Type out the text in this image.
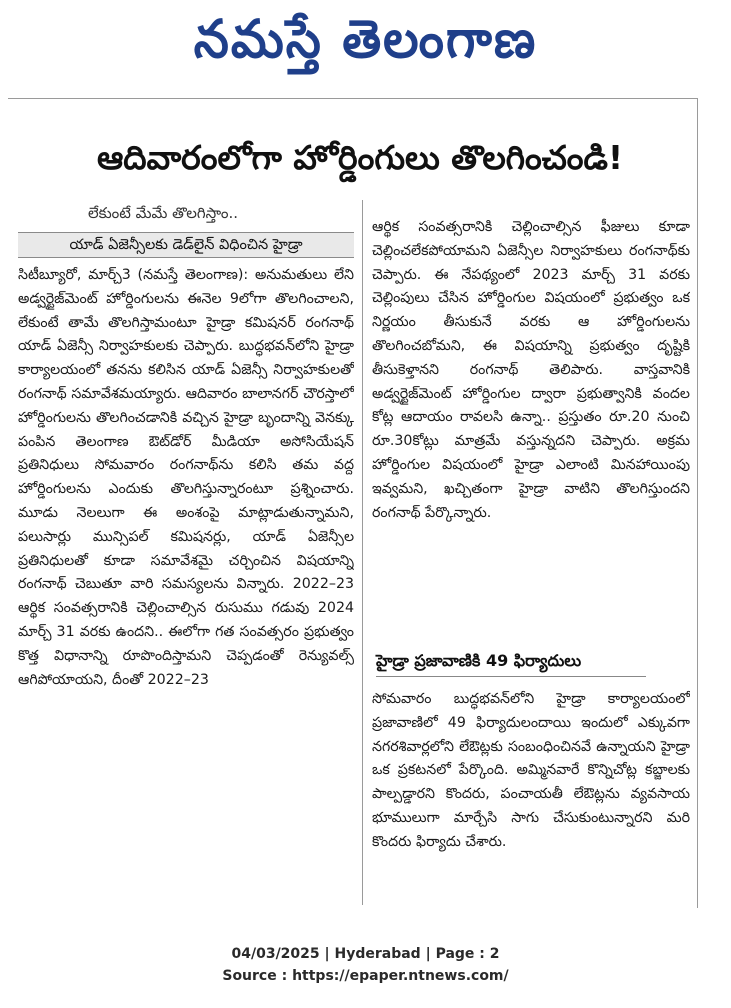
నమస్తే తెలంగాణ
ఆదివారంలోగా హోర్డింగులు తొలగించండి!
లేకుంటే మేమే తొలగిస్తాం..
యాడ్ ఏజెన్సీలకు డెడ్‌లైన్ విధించిన హైడ్రా

సిటీబ్యూరో, మార్చ్3 (నమస్తే తెలంగాణ): అనుమతులు లేని అడ్వర్టైజ్‌మెంట్ హోర్డింగులను ఈనెల 9లోగా తొలగించాలని, లేకుంటే తామే తొలగిస్తామంటూ హైడ్రా కమిషనర్ రంగనాథ్ యాడ్ ఏజెన్సీ నిర్వాహకులకు చెప్పారు. బుద్ధభవన్‌లోని హైడ్రా కార్యాలయంలో తనను కలిసిన యాడ్ ఏజెన్సీ నిర్వాహకులతో రంగనాథ్ సమావేశమయ్యారు. ఆదివారం బాలానగర్ చౌరస్తాలో హోర్డింగులను తొలగించడానికి వచ్చిన హైడ్రా బృందాన్ని వెనక్కు పంపిన తెలంగాణ ఔట్‌డోర్ మీడియా అసోసియేషన్ ప్రతినిధులు సోమవారం రంగనాథ్‌ను కలిసి తమ వద్ద హోర్డింగులను ఎందుకు తొలగిస్తున్నారంటూ ప్రశ్నించారు. మూడు నెలలుగా ఈ అంశంపై మాట్లాడుతున్నామని, పలుసార్లు మున్సిపల్ కమిషనర్లు, యాడ్ ఏజెన్సీల ప్రతినిధులతో కూడా సమావేశమై చర్చించిన విషయాన్ని రంగనాథ్ చెబుతూ వారి సమస్యలను విన్నారు. 2022–23 ఆర్థిక సంవత్సరానికి చెల్లించాల్సిన రుసుము గడువు 2024 మార్చ్ 31 వరకు ఉందని.. ఈలోగా గత సంవత్సరం ప్రభుత్వం కొత్త విధానాన్ని రూపొందిస్తామని చెప్పడంతో రెన్యువల్స్ ఆగిపోయాయని, దీంతో 2022–23

ఆర్థిక సంవత్సరానికి చెల్లించాల్సిన ఫీజులు కూడా చెల్లించలేకపోయామని ఏజెన్సీల నిర్వాహకులు రంగనాథ్‌కు చెప్పారు. ఈ నేపథ్యంలో 2023 మార్చ్ 31 వరకు చెల్లింపులు చేసిన హోర్డింగుల విషయంలో ప్రభుత్వం ఒక నిర్ణయం తీసుకునే వరకు ఆ హోర్డింగులను తొలగించబోమని, ఈ విషయాన్ని ప్రభుత్వం దృష్టికి తీసుకెళ్తానని రంగనాథ్ తెలిపారు. వాస్తవానికి అడ్వర్టైజ్‌మెంట్ హోర్డింగుల ద్వారా ప్రభుత్వానికి వందల కోట్ల ఆదాయం రావలసి ఉన్నా.. ప్రస్తుతం రూ.20 నుంచి రూ.30కోట్లు మాత్రమే వస్తున్నదని చెప్పారు. అక్రమ హోర్డింగుల విషయంలో హైడ్రా ఎలాంటి మినహాయింపు ఇవ్వమని, ఖచ్చితంగా హైడ్రా వాటిని తొలగిస్తుందని రంగనాథ్ పేర్కొన్నారు.

హైడ్రా ప్రజావాణికి 49 ఫిర్యాదులు

సోమవారం బుద్ధభవన్‌లోని హైడ్రా కార్యాలయంలో ప్రజావాణిలో 49 ఫిర్యాదులందాయి ఇందులో ఎక్కువగా నగరశివార్లలోని లేఔట్లకు సంబంధించినవే ఉన్నాయని హైడ్రా ఒక ప్రకటనలో పేర్కొంది. అమ్మినవారే కొన్నిచోట్ల కబ్జాలకు పాల్పడ్డారని కొందరు, పంచాయతీ లేఔట్లను వ్యవసాయ భూములుగా మార్చేసి సాగు చేసుకుంటున్నారని మరి కొందరు ఫిర్యాదు చేశారు.

04/03/2025 | Hyderabad | Page : 2
Source : https://epaper.ntnews.com/
